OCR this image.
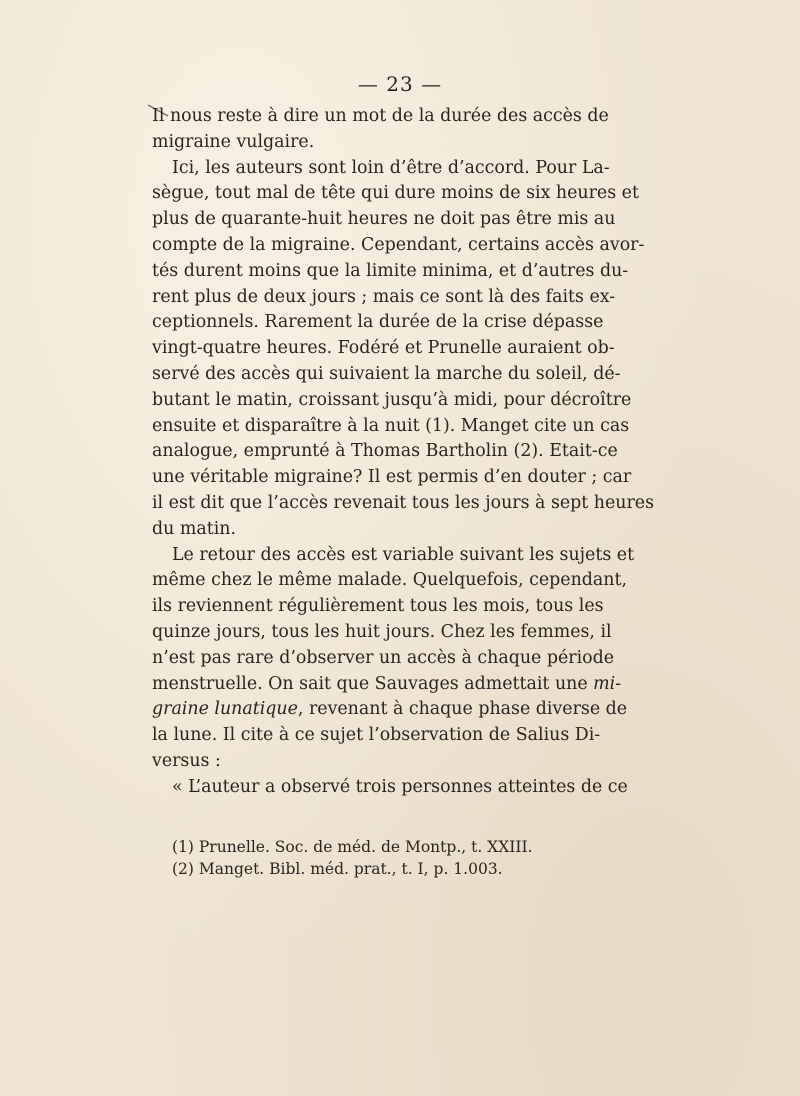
— 23 —
Il nous reste à dire un mot de la durée des accès de
migraine vulgaire.
Ici, les auteurs sont loin d’être d’accord. Pour La-
sègue, tout mal de tête qui dure moins de six heures et
plus de quarante-huit heures ne doit pas être mis au
compte de la migraine. Cependant, certains accès avor-
tés durent moins que la limite minima, et d’autres du-
rent plus de deux jours ; mais ce sont là des faits ex-
ceptionnels. Rarement la durée de la crise dépasse
vingt-quatre heures. Fodéré et Prunelle auraient ob-
servé des accès qui suivaient la marche du soleil, dé-
butant le matin, croissant jusqu’à midi, pour décroître
ensuite et disparaître à la nuit (1). Manget cite un cas
analogue, emprunté à Thomas Bartholin (2). Etait-ce
une véritable migraine? Il est permis d’en douter ; car
il est dit que l’accès revenait tous les jours à sept heures
du matin.
Le retour des accès est variable suivant les sujets et
même chez le même malade. Quelquefois, cependant,
ils reviennent régulièrement tous les mois, tous les
quinze jours, tous les huit jours. Chez les femmes, il
n’est pas rare d’observer un accès à chaque période
menstruelle. On sait que Sauvages admettait une mi-
graine lunatique, revenant à chaque phase diverse de
la lune. Il cite à ce sujet l’observation de Salius Di-
versus :
« L’auteur a observé trois personnes atteintes de ce
(1) Prunelle. Soc. de méd. de Montp., t. XXIII.
(2) Manget. Bibl. méd. prat., t. I, p. 1.003.
